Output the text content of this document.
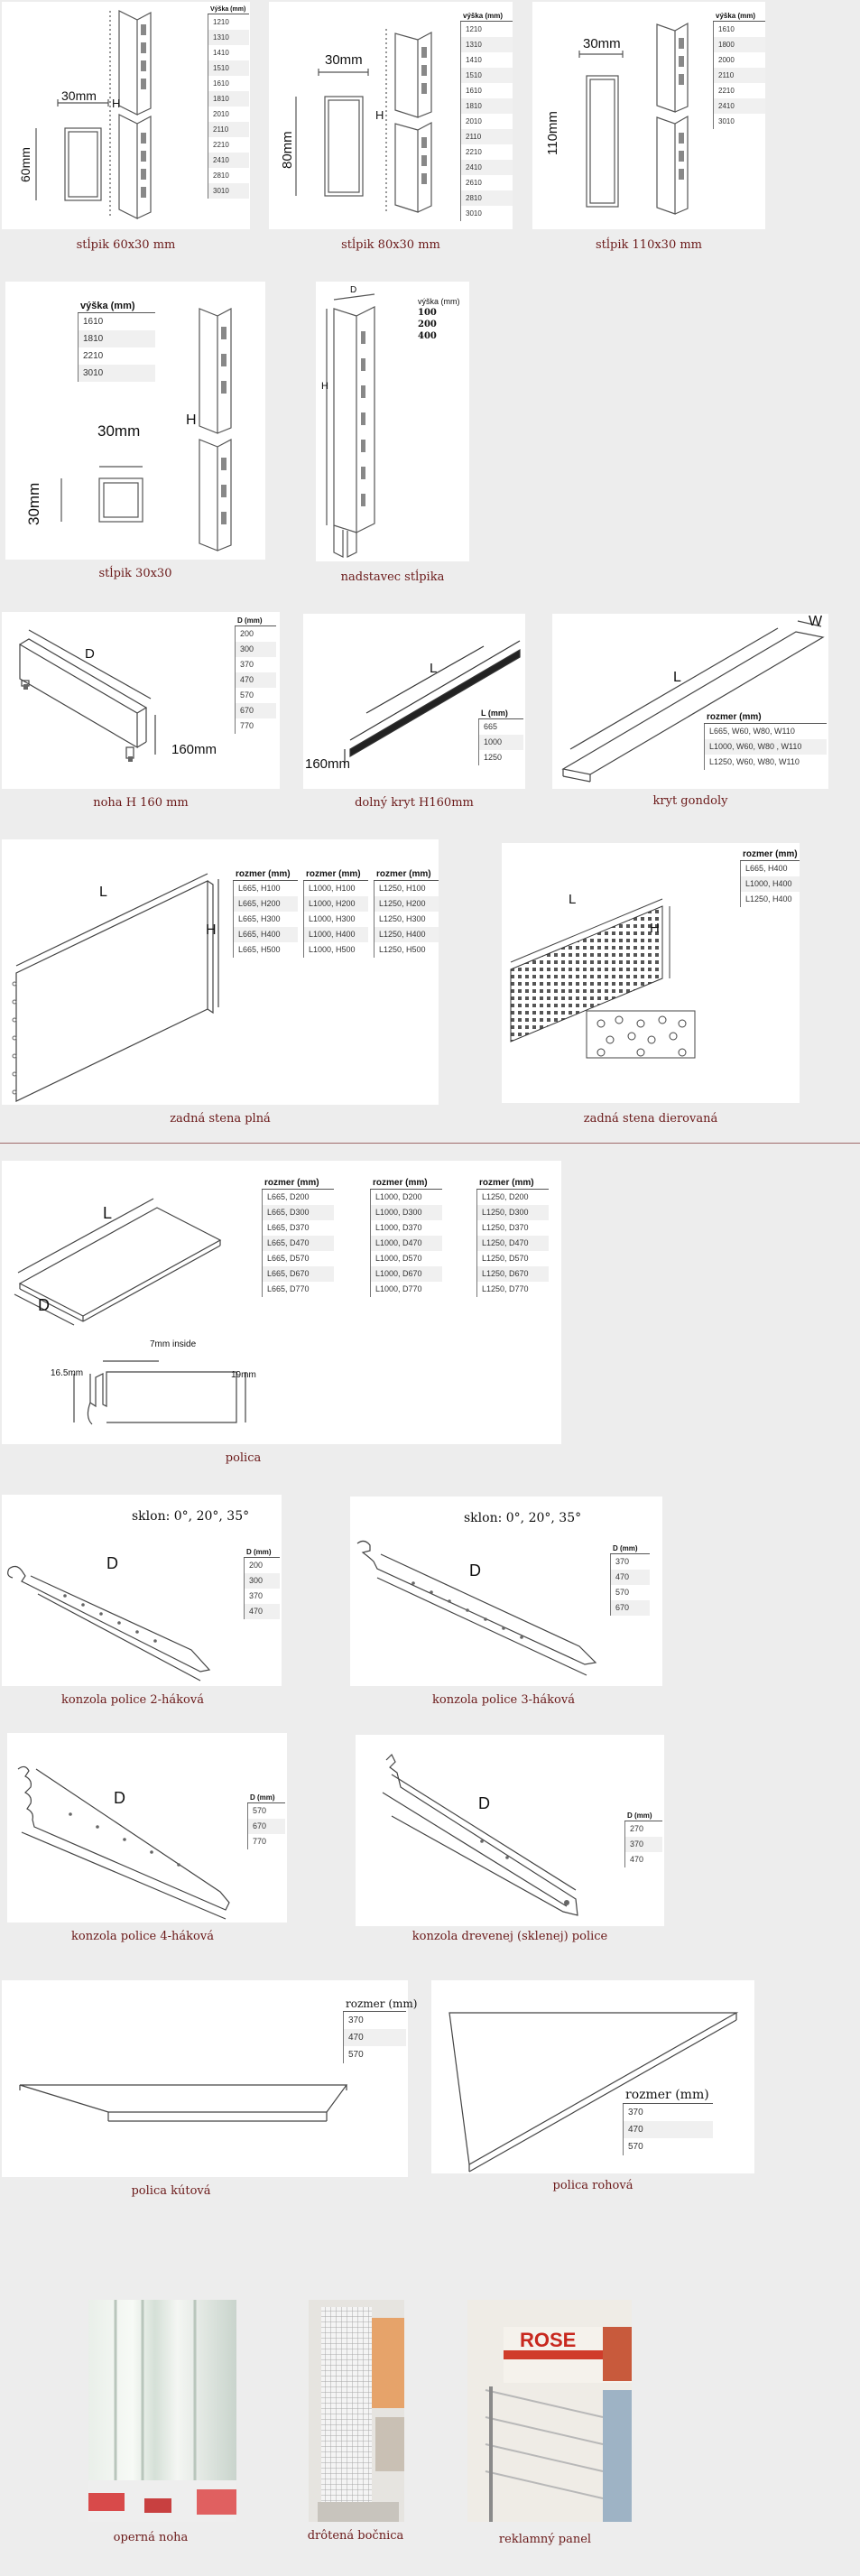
30mm
60mm
H
Výška (mm)
1210
1310
1410
1510
1610
1810
2010
2110
2210
2410
2810
3010
stĺpik 60x30 mm
30mm
80mm
H
výška (mm)
1210
1310
1410
1510
1610
1810
2010
2110
2210
2410
2610
2810
3010
stĺpik 80x30 mm
30mm
110mm
výška (mm)
1610
1800
2000
2110
2210
2410
3010
stĺpik 110x30 mm
30mm
30mm
H
výška (mm)
1610
1810
2210
3010
stĺpik 30x30
D
H
výška (mm)
100
200
400
nadstavec stĺpika
D
160mm
D (mm)
200
300
370
470
570
670
770
noha H 160 mm
L
160mm
L (mm)
665
1000
1250
dolný kryt H160mm
L
W
rozmer (mm)
L665, W60, W80, W110
L1000, W60, W80 , W110
L1250, W60, W80, W110
kryt gondoly
L
H
rozmer (mm)
L665, H100
L665, H200
L665, H300
L665, H400
L665, H500
rozmer (mm)
L1000, H100
L1000, H200
L1000, H300
L1000, H400
L1000, H500
rozmer (mm)
L1250, H100
L1250, H200
L1250, H300
L1250, H400
L1250, H500
zadná stena plná
L
H
rozmer (mm)
L665, H400
L1000, H400
L1250, H400
zadná stena dierovaná
L
D
7mm inside
16.5mm	19mm
rozmer (mm)
L665, D200
L665, D300
L665, D370
L665, D470
L665, D570
L665, D670
L665, D770
rozmer (mm)
L1000, D200
L1000, D300
L1000, D370
L1000, D470
L1000, D570
L1000, D670
L1000, D770
rozmer (mm)
L1250, D200
L1250, D300
L1250, D370
L1250, D470
L1250, D570
L1250, D670
L1250, D770
polica
sklon: 0°, 20°, 35°
D
D (mm)
200
300
370
470
konzola police 2-háková
sklon: 0°, 20°, 35°
D
D (mm)
370
470
570
670
konzola police 3-háková
D	D (mm)
570
670
770
konzola police 4-háková
D
D (mm)
270
370
470
konzola drevenej (sklenej) police
rozmer (mm)
370
470
570
polica kútová
rozmer (mm)
370
470
570
polica rohová
operná noha	drôtená bočnica
ROSE
reklamný panel
